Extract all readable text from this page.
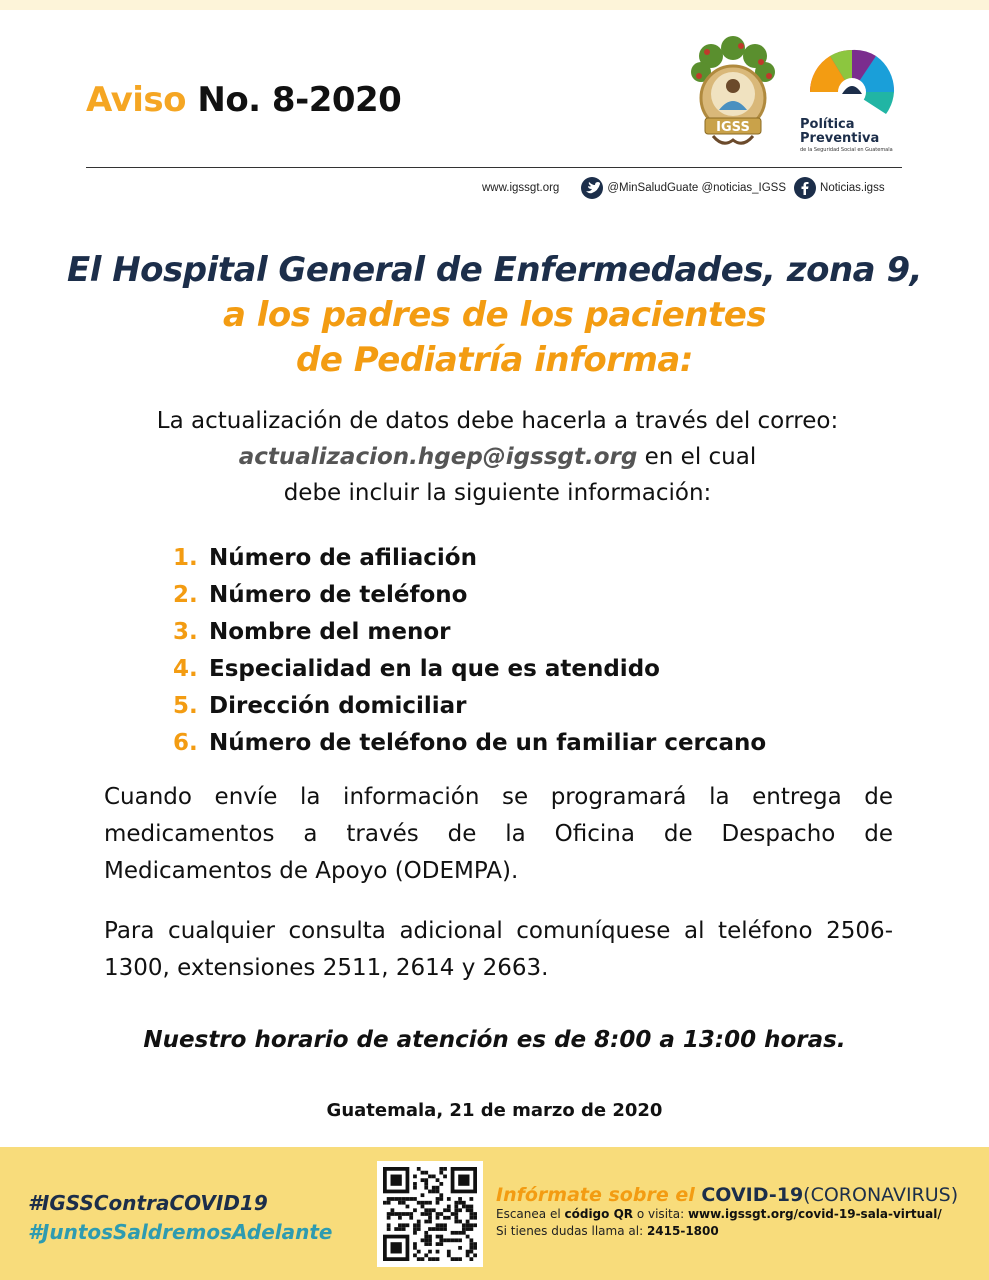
Aviso No. 8-2020
IGSS	Política
Preventiva
de la Seguridad Social en Guatemala
www.igssgt.org	@MinSaludGuate @noticias_IGSS	Noticias.igss
El Hospital General de Enfermedades, zona 9,
a los padres de los pacientes
de Pediatría informa:
La actualización de datos debe hacerla a través del correo:
actualizacion.hgep@igssgt.org en el cual
debe incluir la siguiente información:
1. Número de afiliación
2. Número de teléfono
3. Nombre del menor
4. Especialidad en la que es atendido
5. Dirección domiciliar
6. Número de teléfono de un familiar cercano
Cuando envíe la información se programará la entrega de medicamentos a través de la Oficina de Despacho de Medicamentos de Apoyo (ODEMPA).
Para cualquier consulta adicional comuníquese al teléfono 2506-1300, extensiones 2511, 2614 y 2663.
Nuestro horario de atención es de 8:00 a 13:00 horas.
Guatemala, 21 de marzo de 2020
#IGSSContraCOVID19
#JuntosSaldremosAdelante
Infórmate sobre el COVID-19(CORONAVIRUS)
Escanea el código QR o visita: www.igssgt.org/covid-19-sala-virtual/
Si tienes dudas llama al: 2415-1800
